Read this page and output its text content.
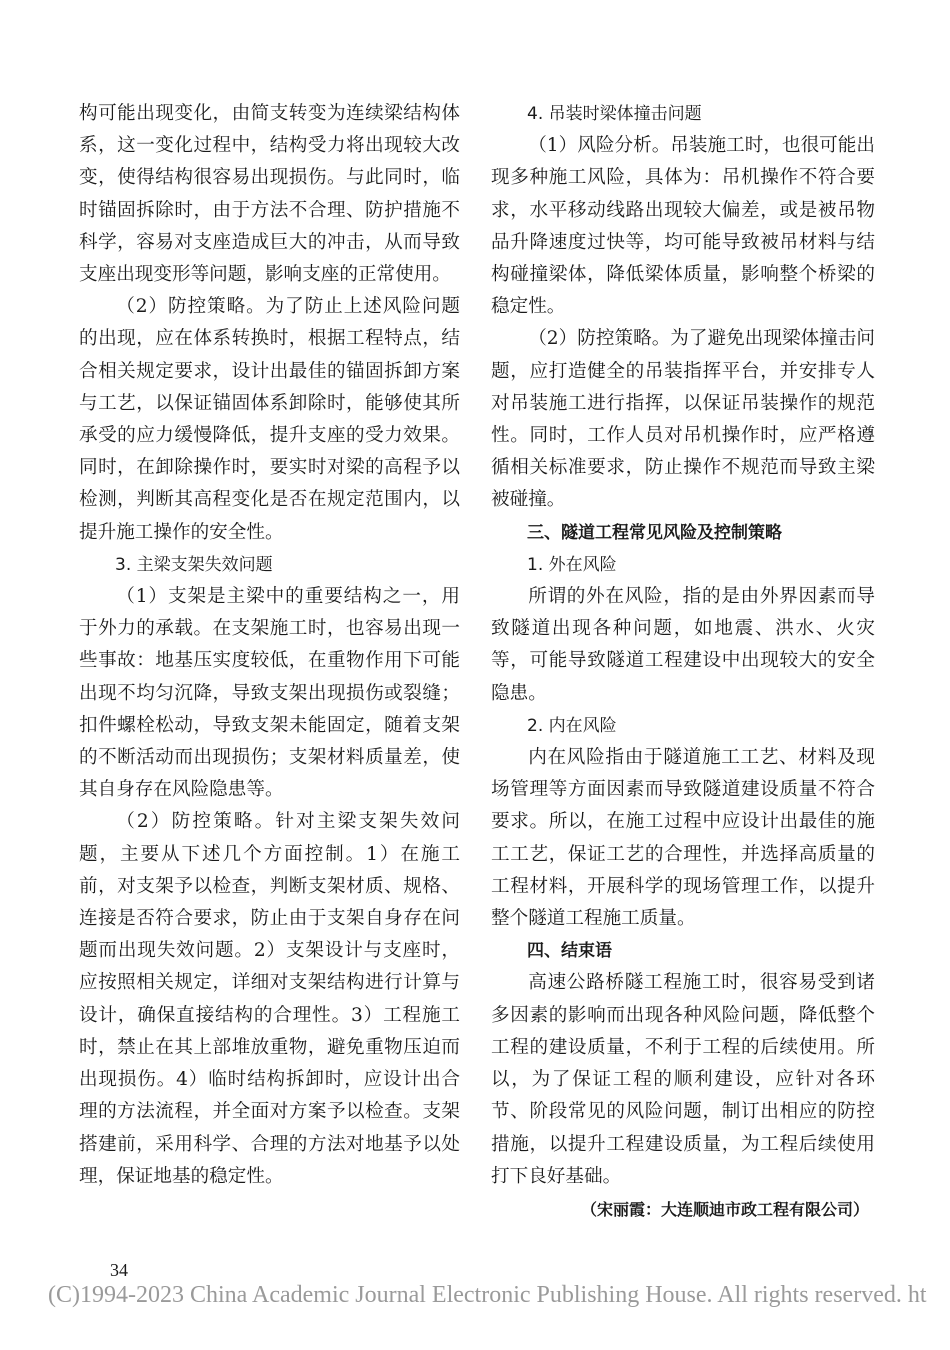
构可能出现变化，由简支转变为连续梁结构体系，这一变化过程中，结构受力将出现较大改变，使得结构很容易出现损伤。与此同时，临时锚固拆除时，由于方法不合理、防护措施不科学，容易对支座造成巨大的冲击，从而导致支座出现变形等问题，影响支座的正常使用。

（2）防控策略。为了防止上述风险问题的出现，应在体系转换时，根据工程特点，结合相关规定要求，设计出最佳的锚固拆卸方案与工艺，以保证锚固体系卸除时，能够使其所承受的应力缓慢降低，提升支座的受力效果。同时，在卸除操作时，要实时对梁的高程予以检测，判断其高程变化是否在规定范围内，以提升施工操作的安全性。

3. 主梁支架失效问题

（1）支架是主梁中的重要结构之一，用于外力的承载。在支架施工时，也容易出现一些事故：地基压实度较低，在重物作用下可能出现不均匀沉降，导致支架出现损伤或裂缝；扣件螺栓松动，导致支架未能固定，随着支架的不断活动而出现损伤；支架材料质量差，使其自身存在风险隐患等。

（2）防控策略。针对主梁支架失效问题，主要从下述几个方面控制。1）在施工前，对支架予以检查，判断支架材质、规格、连接是否符合要求，防止由于支架自身存在问题而出现失效问题。2）支架设计与支座时，应按照相关规定，详细对支架结构进行计算与设计，确保直接结构的合理性。3）工程施工时，禁止在其上部堆放重物，避免重物压迫而出现损伤。4）临时结构拆卸时，应设计出合理的方法流程，并全面对方案予以检查。支架搭建前，采用科学、合理的方法对地基予以处理，保证地基的稳定性。

4. 吊装时梁体撞击问题

（1）风险分析。吊装施工时，也很可能出现多种施工风险，具体为：吊机操作不符合要求，水平移动线路出现较大偏差，或是被吊物品升降速度过快等，均可能导致被吊材料与结构碰撞梁体，降低梁体质量，影响整个桥梁的稳定性。

（2）防控策略。为了避免出现梁体撞击问题，应打造健全的吊装指挥平台，并安排专人对吊装施工进行指挥，以保证吊装操作的规范性。同时，工作人员对吊机操作时，应严格遵循相关标准要求，防止操作不规范而导致主梁被碰撞。

三、隧道工程常见风险及控制策略

1. 外在风险

所谓的外在风险，指的是由外界因素而导致隧道出现各种问题，如地震、洪水、火灾等，可能导致隧道工程建设中出现较大的安全隐患。

2. 内在风险

内在风险指由于隧道施工工艺、材料及现场管理等方面因素而导致隧道建设质量不符合要求。所以，在施工过程中应设计出最佳的施工工艺，保证工艺的合理性，并选择高质量的工程材料，开展科学的现场管理工作，以提升整个隧道工程施工质量。

四、结束语

高速公路桥隧工程施工时，很容易受到诸多因素的影响而出现各种风险问题，降低整个工程的建设质量，不利于工程的后续使用。所以，为了保证工程的顺利建设，应针对各环节、阶段常见的风险问题，制订出相应的防控措施，以提升工程建设质量，为工程后续使用打下良好基础。

（宋丽霞：大连顺迪市政工程有限公司）

34
(C)1994-2023 China Academic Journal Electronic Publishing House. All rights reserved. ht
